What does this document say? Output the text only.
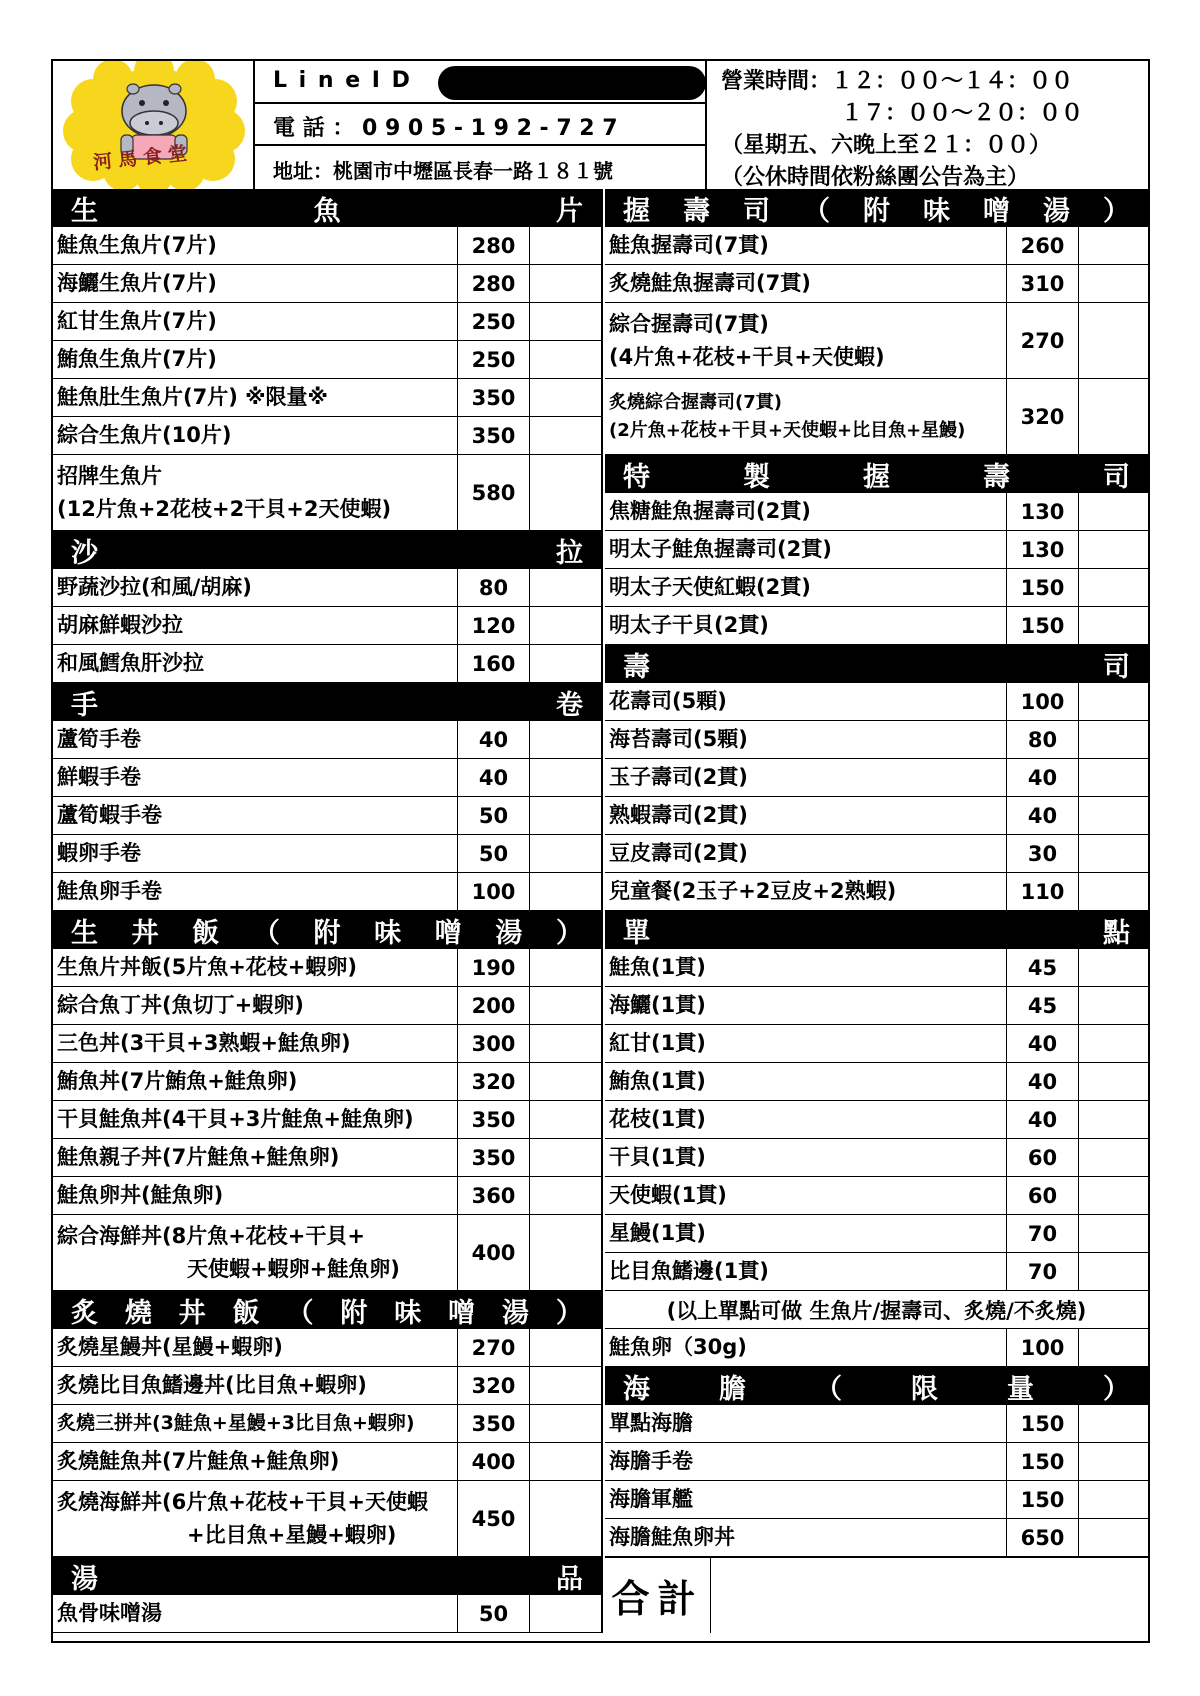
河馬食堂
L i n e I D
電 話 ： 0 9 0 5 - 1 9 2 - 7 2 7
地址：桃園市中壢區長春一路１８１號
營業時間：１２：００～１４：００
１７：００～２０：００
（星期五、六晚上至２１：００）
（公休時間依粉絲團公告為主）
生	魚	片
鮭魚生魚片(7片)	280
海鱺生魚片(7片)	280
紅甘生魚片(7片)	250
鮪魚生魚片(7片)	250
鮭魚肚生魚片(7片) ※限量※	350
綜合生魚片(10片)	350
招牌生魚片
(12片魚+2花枝+2干貝+2天使蝦)
580
沙	拉
野蔬沙拉(和風/胡麻)	80
胡麻鮮蝦沙拉	120
和風鱈魚肝沙拉	160
手	卷
蘆筍手卷	40
鮮蝦手卷	40
蘆筍蝦手卷	50
蝦卵手卷	50
鮭魚卵手卷	100
生 丼 飯 （ 附 味 噌 湯 ）
生魚片丼飯(5片魚+花枝+蝦卵)	190
綜合魚丁丼(魚切丁+蝦卵)	200
三色丼(3干貝+3熟蝦+鮭魚卵)	300
鮪魚丼(7片鮪魚+鮭魚卵)	320
干貝鮭魚丼(4干貝+3片鮭魚+鮭魚卵)	350
鮭魚親子丼(7片鮭魚+鮭魚卵)	350
鮭魚卵丼(鮭魚卵)	360
綜合海鮮丼(8片魚+花枝+干貝+
天使蝦+蝦卵+鮭魚卵)
400
炙 燒 丼 飯 （ 附 味 噌 湯 ）
炙燒星鰻丼(星鰻+蝦卵)	270
炙燒比目魚鰭邊丼(比目魚+蝦卵)	320
炙燒三拼丼(3鮭魚+星鰻+3比目魚+蝦卵)	350
炙燒鮭魚丼(7片鮭魚+鮭魚卵)	400
炙燒海鮮丼(6片魚+花枝+干貝+天使蝦
+比目魚+星鰻+蝦卵)
450
湯	品
魚骨味噌湯	50
握 壽 司 （ 附 味 噌 湯 ）
鮭魚握壽司(7貫)	260
炙燒鮭魚握壽司(7貫)	310
綜合握壽司(7貫)
(4片魚+花枝+干貝+天使蝦)
270
炙燒綜合握壽司(7貫)
(2片魚+花枝+干貝+天使蝦+比目魚+星鰻)
320
特	製	握	壽	司
焦糖鮭魚握壽司(2貫)	130
明太子鮭魚握壽司(2貫)	130
明太子天使紅蝦(2貫)	150
明太子干貝(2貫)	150
壽	司
花壽司(5顆)	100
海苔壽司(5顆)	80
玉子壽司(2貫)	40
熟蝦壽司(2貫)	40
豆皮壽司(2貫)	30
兒童餐(2玉子+2豆皮+2熟蝦)	110
單	點
鮭魚(1貫)	45
海鱺(1貫)	45
紅甘(1貫)	40
鮪魚(1貫)	40
花枝(1貫)	40
干貝(1貫)	60
天使蝦(1貫)	60
星鰻(1貫)	70
比目魚鰭邊(1貫)	70
(以上單點可做 生魚片/握壽司、炙燒/不炙燒)
鮭魚卵（30g)	100
海	膽	（	限	量	）
單點海膽	150
海膽手卷	150
海膽軍艦	150
海膽鮭魚卵丼	650
合計
